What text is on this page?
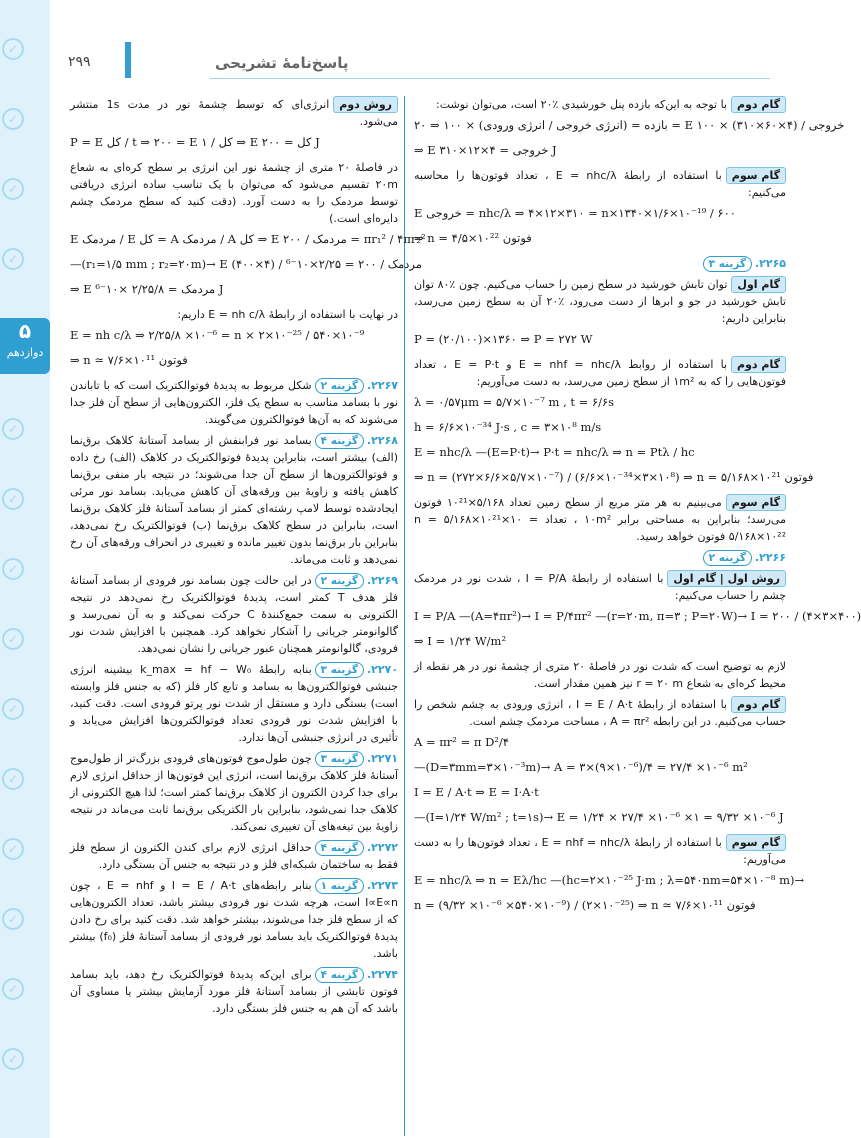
✓
✓
✓
✓
✓
✓
✓
✓
✓
✓
✓
✓
✓
✓
۵
دوازدهم
۲۹۹	پاسخ‌نامهٔ تشریحی

گام دومبا توجه به این‌که بازده پنل خورشیدی ٪۲۰ است، می‌توان نوشت:

بازده = (انرژی خروجی / انرژی ورودی) × ۱۰۰ ⇒ ۲۰ = E خروجی / (۴×۶۰×۳۱۰) × ۱۰۰
⇒ E خروجی = ۴×۱۲×۳۱۰ J

گام سومبا استفاده از رابطهٔ E = nhc/λ ، تعداد فوتون‌ها را محاسبه می‌کنیم:

E خروجی = nhc/λ ⇒ ۴×۱۲×۳۱۰ = n×۱۳۴۰×۱/۶×۱۰⁻¹⁹ / ۶۰۰
⇒ n = ۴/۵×۱۰²² فوتون

۲۲۶۵.گزینه ۳

گام اولتوان تابش خورشید در سطح زمین را حساب می‌کنیم. چون ٪۸۰ توان تابش خورشید در جو و ابرها از دست می‌رود، ٪۲۰ آن به سطح زمین می‌رسد، بنابراین داریم:

P = (۲۰/۱۰۰)×۱۳۶۰ ⇒ P = ۲۷۲ W

گام دومبا استفاده از روابط E = nhf = nhc/λ و E = P·t ، تعداد فوتون‌هایی را که به ۱m² از سطح زمین می‌رسد، به دست می‌آوریم:

λ = ۰/۵۷μm = ۵/۷×۱۰⁻⁷ m , t = ۶/۶s
h = ۶/۶×۱۰⁻³⁴ J·s , c = ۳×۱۰⁸ m/s
E = nhc/λ —(E=P·t)→ P·t = nhc/λ ⇒ n = Ptλ / hc
⇒ n = (۲۷۲×۶/۶×۵/۷×۱۰⁻⁷) / (۶/۶×۱۰⁻³⁴×۳×۱۰⁸) ⇒ n = ۵/۱۶۸×۱۰²¹ فوتون

گام سوممی‌بینیم به هر متر مربع از سطح زمین تعداد ۵/۱۶۸×۱۰²¹ فوتون می‌رسد؛ بنابراین به مساحتی برابر ۱۰m² ، تعداد n = ۵/۱۶۸×۱۰²¹×۱۰ = ۵/۱۶۸×۱۰²² فوتون خواهد رسید.

۲۲۶۶.گزینه ۲

روش اول | گام اولبا استفاده از رابطهٔ I = P/A ، شدت نور در مردمک چشم را حساب می‌کنیم:

I = P/A —(A=۴πr²)→ I = P/۴πr² —(r=۲۰m, π=۳ ; P=۲۰W)→ I = ۲۰۰ / (۴×۳×۴۰۰)
⇒ I = ۱/۲۴ W/m²

لازم به توضیح است که شدت نور در فاصلهٔ ۲۰ متری از چشمهٔ نور در هر نقطه از محیط کره‌ای به شعاع r = ۲۰ m نیز همین مقدار است.

گام دومبا استفاده از رابطهٔ I = E / A·t ، انرژی ورودی به چشم شخص را حساب می‌کنیم. در این رابطه A = πr² ، مساحت مردمک چشم است.

A = πr² = π D²/۴
—(D=۳mm=۳×۱۰⁻³m)→ A = ۳×(۹×۱۰⁻⁶)/۴ = ۲۷/۴ ×۱۰⁻⁶ m²
I = E / A·t ⇒ E = I·A·t
—(I=۱/۲۴ W/m² ; t=۱s)→ E = ۱/۲۴ × ۲۷/۴ ×۱۰⁻⁶ ×۱ = ۹/۳۲ ×۱۰⁻⁶ J

گام سومبا استفاده از رابطهٔ E = nhf = nhc/λ ، تعداد فوتون‌ها را به دست می‌آوریم:

E = nhc/λ ⇒ n = Eλ/hc —(hc=۲×۱۰⁻²⁵ J·m ; λ=۵۴۰nm=۵۴×۱۰⁻⁸ m)→
n = (۹/۳۲ ×۱۰⁻⁶ ×۵۴۰×۱۰⁻⁹) / (۲×۱۰⁻²⁵) ⇒ n ≃ ۷/۶×۱۰¹¹ فوتون

روش دومانرژی‌ای که توسط چشمهٔ نور در مدت 1s منتشر می‌شود.

P = E کل / t ⇒ ۲۰۰ = E کل / ۱ ⇒ E کل = ۲۰۰ J

در فاصلهٔ ۲۰ متری از چشمهٔ نور این انرژی بر سطح کره‌ای به شعاع ۲۰m تقسیم می‌شود که می‌توان با یک تناسب ساده انرژی دریافتی توسط مردمک را به دست آورد. (دقت کنید که سطح مردمک چشم دایره‌ای است.)

E مردمک / E کل = A مردمک / A کل ⇒ E مردمک / ۲۰۰ = πr₁² / ۴πr₂²
—(r₁=۱/۵ mm ; r₂=۲۰m)→ E مردمک / ۲۰۰ = ۲/۲۵×۱۰⁻⁶ / (۴×۴۰۰)
⇒ E مردمک = ۲/۲۵/۸ ×۱۰⁻⁶ J

در نهایت با استفاده از رابطهٔ E = nh c/λ داریم:

E = nh c/λ ⇒ ۲/۲۵/۸ ×۱۰⁻⁶ = n × ۲×۱۰⁻²⁵ / ۵۴۰×۱۰⁻⁹
⇒ n ≃ ۷/۶×۱۰¹¹ فوتون

۲۲۶۷.گزینه ۲شکل مربوط به پدیدهٔ فوتوالکتریک است که با تاباندن نور با بسامد مناسب به سطح یک فلز، الکترون‌هایی از سطح آن فلز جدا می‌شوند که به آن‌ها فوتوالکترون می‌گویند.

۲۲۶۸.گزینه ۴بسامد نور فرابنفش از بسامد آستانهٔ کلاهک برق‌نما (الف) بیشتر است، بنابراین پدیدهٔ فوتوالکتریک در کلاهک (الف) رخ داده و فوتوالکترون‌ها از سطح آن جدا می‌شوند؛ در نتیجه بار منفی برق‌نما کاهش یافته و زاویهٔ بین ورقه‌های آن کاهش می‌یابد. بسامد نور مرئی ایجادشده توسط لامپ رشته‌ای کمتر از بسامد آستانهٔ فلز کلاهک برق‌نما است، بنابراین در سطح کلاهک برق‌نما (ب) فوتوالکتریک رخ نمی‌دهد، بنابراین بار برق‌نما بدون تغییر مانده و تغییری در انحراف ورقه‌های آن رخ نمی‌دهد و ثابت می‌ماند.

۲۲۶۹.گزینه ۲در این حالت چون بسامد نور فرودی از بسامد آستانهٔ فلز هدف T کمتر است، پدیدهٔ فوتوالکتریک رخ نمی‌دهد در نتیجه الکترونی به سمت جمع‌کنندهٔ C حرکت نمی‌کند و به آن نمی‌رسد و گالوانومتر جریانی را آشکار نخواهد کرد. همچنین با افزایش شدت نور فرودی، گالوانومتر همچنان عبور جریانی را نشان نمی‌دهد.

۲۲۷۰.گزینه ۳بنابه رابطهٔ k_max = hf − W₀ بیشینه انرژی جنبشی فوتوالکترون‌ها به بسامد و تابع کار فلز (که به جنس فلز وابسته است) بستگی دارد و مستقل از شدت نور پرتو فرودی است. دقت کنید، با افزایش شدت نور فرودی تعداد فوتوالکترون‌ها افزایش می‌یابد و تأثیری در انرژی جنبشی آن‌ها ندارد.

۲۲۷۱.گزینه ۳چون طول‌موج فوتون‌های فرودی بزرگ‌تر از طول‌موج آستانهٔ فلز کلاهک برق‌نما است، انرژی این فوتون‌ها از حداقل انرژی لازم برای جدا کردن الکترون از کلاهک برق‌نما کمتر است؛ لذا هیچ الکترونی از کلاهک جدا نمی‌شود، بنابراین بار الکتریکی برق‌نما ثابت می‌ماند در نتیجه زاویهٔ بین تیغه‌های آن تغییری نمی‌کند.

۲۲۷۲.گزینه ۴حداقل انرژی لازم برای کندن الکترون از سطح فلز فقط به ساختمان شبکه‌ای فلز و در نتیجه به جنس آن بستگی دارد.

۲۲۷۳.گزینه ۱بنابر رابطه‌های I = E / A·t و E = nhf ، چون I∝E∝n است، هرچه شدت نور فرودی بیشتر باشد، تعداد الکترون‌هایی که از سطح فلز جدا می‌شوند، بیشتر خواهد شد. دقت کنید برای رخ دادن پدیدهٔ فوتوالکتریک باید بسامد نور فرودی از بسامد آستانهٔ فلز (f₀) بیشتر باشد.

۲۲۷۴.گزینه ۴برای این‌که پدیدهٔ فوتوالکتریک رخ دهد، باید بسامد فوتون تابشی از بسامد آستانهٔ فلز مورد آزمایش بیشتر یا مساوی آن باشد که آن هم به جنس فلز بستگی دارد.
